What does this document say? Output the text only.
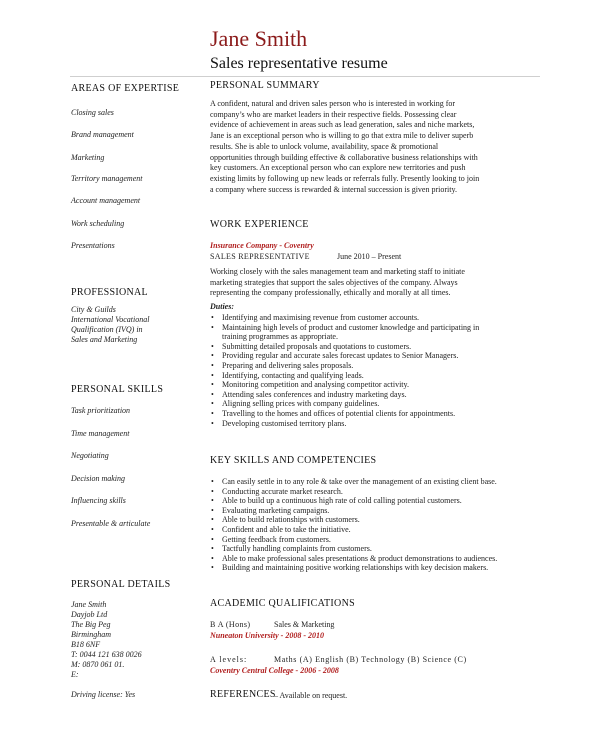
Jane Smith
Sales representative resume
AREAS OF EXPERTISE
Closing sales
Brand management
Marketing
Territory management
Account management
Work scheduling
Presentations
PROFESSIONAL
City & Guilds
International Vocational
Qualification (IVQ) in
Sales and Marketing
PERSONAL SKILLS
Task prioritization
Time management
Negotiating
Decision making
Influencing skills
Presentable & articulate
PERSONAL DETAILS
Jane Smith
Dayjob Ltd
The Big Peg
Birmingham
B18 6NF
T: 0044 121 638 0026
M: 0870 061 01.
E:
Driving license: Yes
PERSONAL SUMMARY
A confident, natural and driven sales person who is interested in working for
company’s who are market leaders in their respective fields. Possessing clear
evidence of achievement in areas such as lead generation, sales and niche markets,
Jane is an exceptional person who is willing to go that extra mile to deliver superb
results. She is able to unlock volume, availability, space & promotional
opportunities through building effective & collaborative business relationships with
key customers. An exceptional person who can explore new territories and push
existing limits by following up new leads or referrals fully. Presently looking to join
a company where success is rewarded & internal succession is given priority.
WORK EXPERIENCE
Insurance Company - Coventry
SALES REPRESENTATIVE	June 2010 – Present
Working closely with the sales management team and marketing staff to initiate
marketing strategies that support the sales objectives of the company. Always
representing the company professionally, ethically and morally at all times.
Duties:
• Identifying and maximising revenue from customer accounts.
• Maintaining high levels of product and customer knowledge and participating in
training programmes as appropriate.
• Submitting detailed proposals and quotations to customers.
• Providing regular and accurate sales forecast updates to Senior Managers.
• Preparing and delivering sales proposals.
• Identifying, contacting and qualifying leads.
• Monitoring competition and analysing competitor activity.
• Attending sales conferences and industry marketing days.
• Aligning selling prices with company guidelines.
• Travelling to the homes and offices of potential clients for appointments.
• Developing customised territory plans.
KEY SKILLS AND COMPETENCIES
• Can easily settle in to any role & take over the management of an existing client base.
• Conducting accurate market research.
• Able to build up a continuous high rate of cold calling potential customers.
• Evaluating marketing campaigns.
• Able to build relationships with customers.
• Confident and able to take the initiative.
• Getting feedback from customers.
• Tactfully handling complaints from customers.
• Able to make professional sales presentations & product demonstrations to audiences.
• Building and maintaining positive working relationships with key decision makers.
ACADEMIC QUALIFICATIONS
B A (Hons)	Sales & Marketing
Nuneaton University - 2008 - 2010
A levels:	Maths (A) English (B) Technology (B) Science (C)
Coventry Central College - 2006 - 2008
REFERENCES
– Available on request.
